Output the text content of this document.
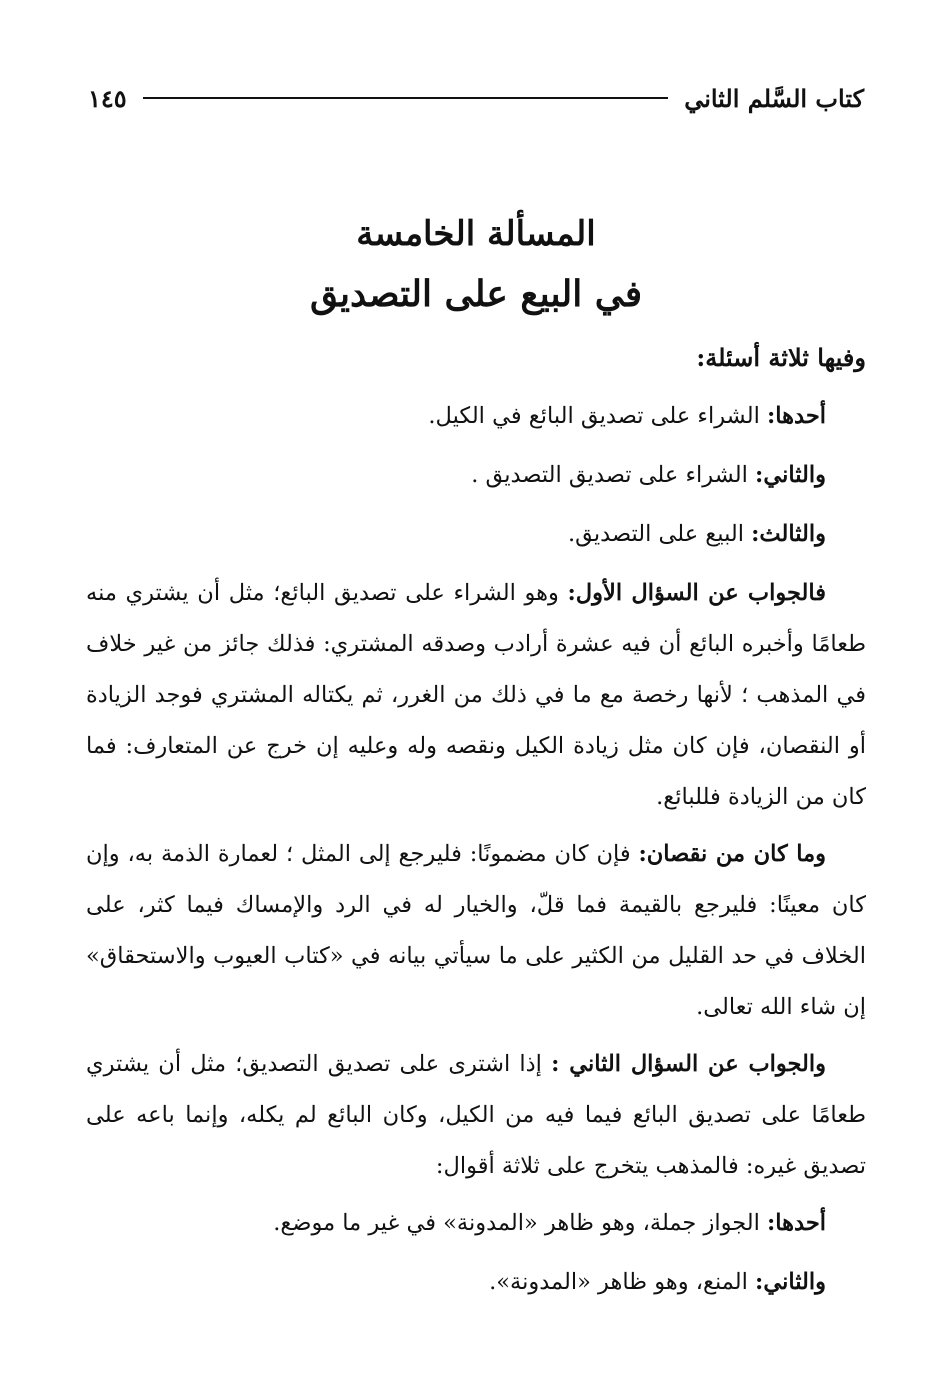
كتاب السَّلم الثاني
١٤٥
المسألة الخامسة
في البيع على التصديق

وفيها ثلاثة أسئلة:

أحدها: الشراء على تصديق البائع في الكيل.

والثاني: الشراء على تصديق التصديق .

والثالث: البيع على التصديق.

فالجواب عن السؤال الأول: وهو الشراء على تصديق البائع؛ مثل أن يشتري منه طعامًا وأخبره البائع أن فيه عشرة أرادب وصدقه المشتري: فذلك جائز من غير خلاف في المذهب ؛ لأنها رخصة مع ما في ذلك من الغرر، ثم يكتاله المشتري فوجد الزيادة أو النقصان، فإن كان مثل زيادة الكيل ونقصه وله وعليه إن خرج عن المتعارف: فما كان من الزيادة فللبائع.

وما كان من نقصان: فإن كان مضمونًا: فليرجع إلى المثل ؛ لعمارة الذمة به، وإن كان معينًا: فليرجع بالقيمة فما قلّ، والخيار له في الرد والإمساك فيما كثر، على الخلاف في حد القليل من الكثير على ما سيأتي بيانه في «كتاب العيوب والاستحقاق» إن شاء الله تعالى.

والجواب عن السؤال الثاني : إذا اشترى على تصديق التصديق؛ مثل أن يشتري طعامًا على تصديق البائع فيما فيه من الكيل، وكان البائع لم يكله، وإنما باعه على تصديق غيره: فالمذهب يتخرج على ثلاثة أقوال:

أحدها: الجواز جملة، وهو ظاهر «المدونة» في غير ما موضع.

والثاني: المنع، وهو ظاهر «المدونة».
